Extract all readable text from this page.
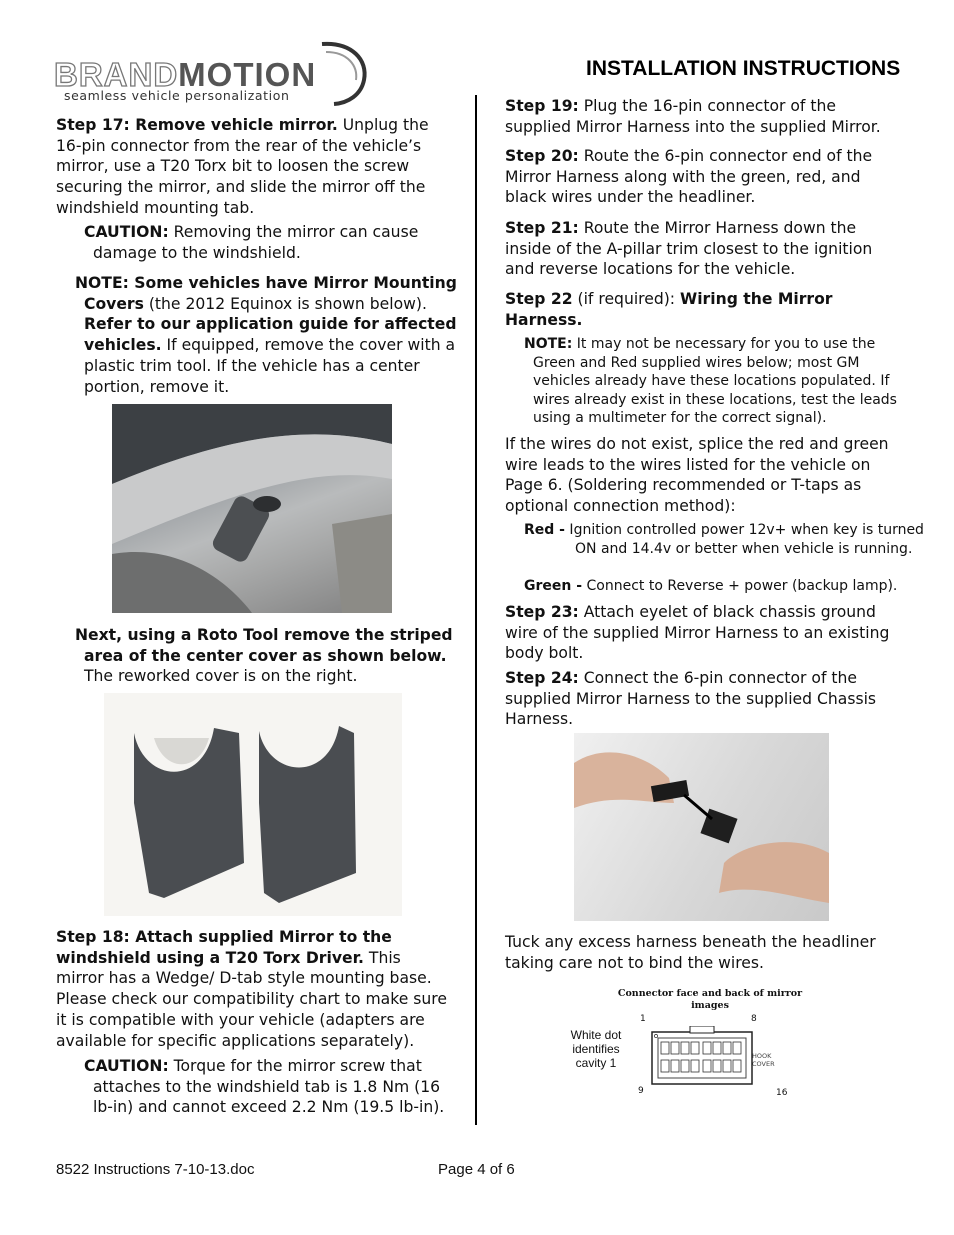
BRANDMOTION
seamless vehicle personalization
INSTALLATION INSTRUCTIONS
Step 17: Remove vehicle mirror. Unplug the 16-pin connector from the rear of the vehicle’s mirror, use a T20 Torx bit to loosen the screw securing the mirror, and slide the mirror off the windshield mounting tab.
CAUTION: Removing the mirror can cause damage to the windshield.
NOTE: Some vehicles have Mirror Mounting Covers (the 2012 Equinox is shown below). Refer to our application guide for affected vehicles. If equipped, remove the cover with a plastic trim tool. If the vehicle has a center portion, remove it.
Next, using a Roto Tool remove the striped area of the center cover as shown below. The reworked cover is on the right.
Step 18: Attach supplied Mirror to the windshield using a T20 Torx Driver. This mirror has a Wedge/ D-tab style mounting base. Please check our compatibility chart to make sure it is compatible with your vehicle (adapters are available for specific applications separately).
CAUTION: Torque for the mirror screw that attaches to the windshield tab is 1.8 Nm (16 lb-in) and cannot exceed 2.2 Nm (19.5 lb-in).
Step 19: Plug the 16-pin connector of the supplied Mirror Harness into the supplied Mirror.
Step 20: Route the 6-pin connector end of the Mirror Harness along with the green, red, and black wires under the headliner.
Step 21: Route the Mirror Harness down the inside of the A-pillar trim closest to the ignition and reverse locations for the vehicle.
Step 22 (if required): Wiring the Mirror Harness.
NOTE: It may not be necessary for you to use the Green and Red supplied wires below; most GM vehicles already have these locations populated. If wires already exist in these locations, test the leads using a multimeter for the correct signal).
If the wires do not exist, splice the red and green wire leads to the wires listed for the vehicle on Page 6. (Soldering recommended or T-taps as optional connection method):
Red - Ignition controlled power 12v+ when key is turned ON and 14.4v or better when vehicle is running.
Green - Connect to Reverse + power (backup lamp).
Step 23: Attach eyelet of black chassis ground wire of the supplied Mirror Harness to an existing body bolt.
Step 24: Connect the 6-pin connector of the supplied Mirror Harness to the supplied Chassis Harness.
Tuck any excess harness beneath the headliner taking care not to bind the wires.
Connector face and back of mirror
images
White dot
identifies
cavity 1
1	8
9	16
HOOK
COVER
8522 Instructions 7-10-13.doc	Page 4 of 6
